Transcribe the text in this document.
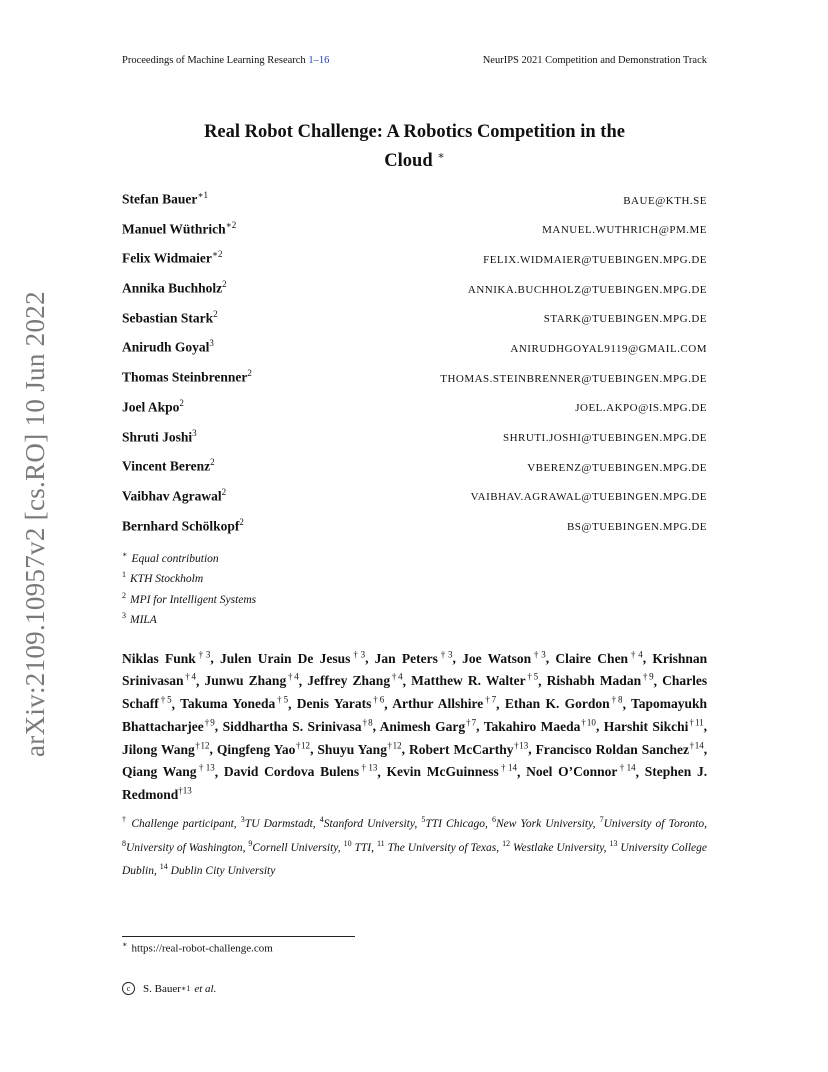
Proceedings of Machine Learning Research 1–16	NeurIPS 2021 Competition and Demonstration Track
arXiv:2109.10957v2 [cs.RO] 10 Jun 2022
Real Robot Challenge: A Robotics Competition in the
Cloud ∗
Stefan Bauer$^{∗1}$	BAUE@KTH.SE
Manuel Wüthrich$^{∗2}$	MANUEL.WUTHRICH@PM.ME
Felix Widmaier$^{∗2}$	FELIX.WIDMAIER@TUEBINGEN.MPG.DE
Annika Buchholz$^2$	ANNIKA.BUCHHOLZ@TUEBINGEN.MPG.DE
Sebastian Stark$^2$	STARK@TUEBINGEN.MPG.DE
Anirudh Goyal$^3$	ANIRUDHGOYAL9119@GMAIL.COM
Thomas Steinbrenner$^2$	THOMAS.STEINBRENNER@TUEBINGEN.MPG.DE
Joel Akpo$^2$	JOEL.AKPO@IS.MPG.DE
Shruti Joshi$^3$	SHRUTI.JOSHI@TUEBINGEN.MPG.DE
Vincent Berenz$^2$	VBERENZ@TUEBINGEN.MPG.DE
Vaibhav Agrawal$^2$	VAIBHAV.AGRAWAL@TUEBINGEN.MPG.DE
Bernhard Schölkopf$^2$	BS@TUEBINGEN.MPG.DE
∗ Equal contribution
$^1$ KTH Stockholm
$^2$ MPI for Intelligent Systems
$^3$ MILA
Niklas Funk$^{\dagger 3}$, Julen Urain De Jesus$^{\dagger 3}$, Jan Peters$^{\dagger 3}$, Joe Watson$^{\dagger 3}$, Claire Chen$^{\dagger 4}$, Krishnan Srinivasan$^{\dagger 4}$, Junwu Zhang$^{\dagger 4}$, Jeffrey Zhang$^{\dagger 4}$, Matthew R. Walter$^{\dagger 5}$, Rishabh Madan$^{\dagger 9}$, Charles Schaff$^{\dagger 5}$, Takuma Yoneda$^{\dagger 5}$, Denis Yarats$^{\dagger 6}$, Arthur Allshire$^{\dagger 7}$, Ethan K. Gordon$^{\dagger 8}$, Tapomayukh Bhattacharjee$^{\dagger 9}$, Siddhartha S. Srinivasa$^{\dagger 8}$, Animesh Garg$^{\dagger 7}$, Takahiro Maeda$^{\dagger 10}$, Harshit Sikchi$^{\dagger 11}$, Jilong Wang$^{\dagger 12}$, Qingfeng Yao$^{\dagger 12}$, Shuyu Yang$^{\dagger 12}$, Robert McCarthy$^{\dagger 13}$, Francisco Roldan Sanchez$^{\dagger 14}$, Qiang Wang$^{\dagger 13}$, David Cordova Bulens$^{\dagger 13}$, Kevin McGuinness$^{\dagger 14}$, Noel O’Connor$^{\dagger 14}$, Stephen J. Redmond$^{\dagger 13}$
† Challenge participant, $^3$TU Darmstadt, $^4$Stanford University, $^5$TTI Chicago, $^6$New York University, $^7$University of Toronto, $^8$University of Washington, $^9$Cornell University, $^{10}$ TTI, $^{11}$ The University of Texas, $^{12}$ Westlake University, $^{13}$ University College Dublin, $^{14}$ Dublin City University
∗ https://real-robot-challenge.com
c	S. Bauer ∗1 et al.
